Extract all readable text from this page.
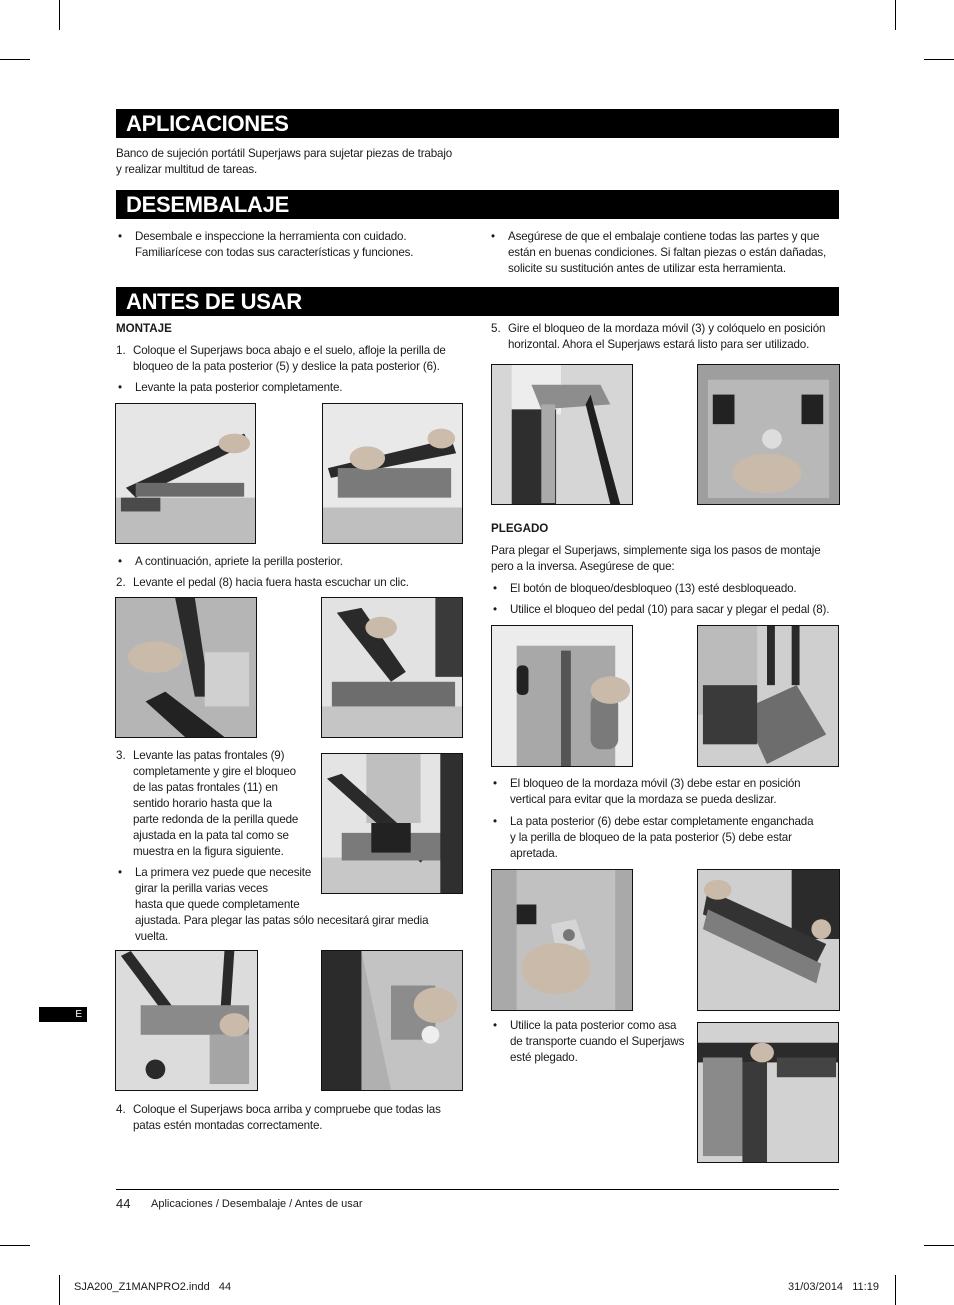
APLICACIONES
Banco de sujeción portátil Superjaws para sujetar piezas de trabajo
y realizar multitud de tareas.
DESEMBALAJE
• Desembale e inspeccione la herramienta con cuidado.
Familiarícese con todas sus características y funciones.
• Asegúrese de que el embalaje contiene todas las partes y que
están en buenas condiciones. Si faltan piezas o están dañadas,
solicite su sustitución antes de utilizar esta herramienta.
ANTES DE USAR
MONTAJE
1. Coloque el Superjaws boca abajo e el suelo, afloje la perilla de
bloqueo de la pata posterior (5) y deslice la pata posterior (6).
• Levante la pata posterior completamente.
• A continuación, apriete la perilla posterior.
2. Levante el pedal (8) hacia fuera hasta escuchar un clic.
3. Levante las patas frontales (9)
completamente y gire el bloqueo
de las patas frontales (11) en
sentido horario hasta que la
parte redonda de la perilla quede
ajustada en la pata tal como se
muestra en la figura siguiente.
• La primera vez puede que necesite
girar la perilla varias veces
hasta que quede completamente
ajustada. Para plegar las patas sólo necesitará girar media
vuelta.
4. Coloque el Superjaws boca arriba y compruebe que todas las
patas estén montadas correctamente.
5. Gire el bloqueo de la mordaza móvil (3) y colóquelo en posición
horizontal. Ahora el Superjaws estará listo para ser utilizado.
PLEGADO
Para plegar el Superjaws, simplemente siga los pasos de montaje
pero a la inversa. Asegúrese de que:
• El botón de bloqueo/desbloqueo (13) esté desbloqueado.
• Utilice el bloqueo del pedal (10) para sacar y plegar el pedal (8).
• El bloqueo de la mordaza móvil (3) debe estar en posición
vertical para evitar que la mordaza se pueda deslizar.
• La pata posterior (6) debe estar completamente enganchada
y la perilla de bloqueo de la pata posterior (5) debe estar
apretada.
• Utilice la pata posterior como asa
de transporte cuando el Superjaws
esté plegado.
E
44 Aplicaciones / Desembalaje / Antes de usar
SJA200_Z1MANPRO2.indd   44	31/03/2014   11:19
